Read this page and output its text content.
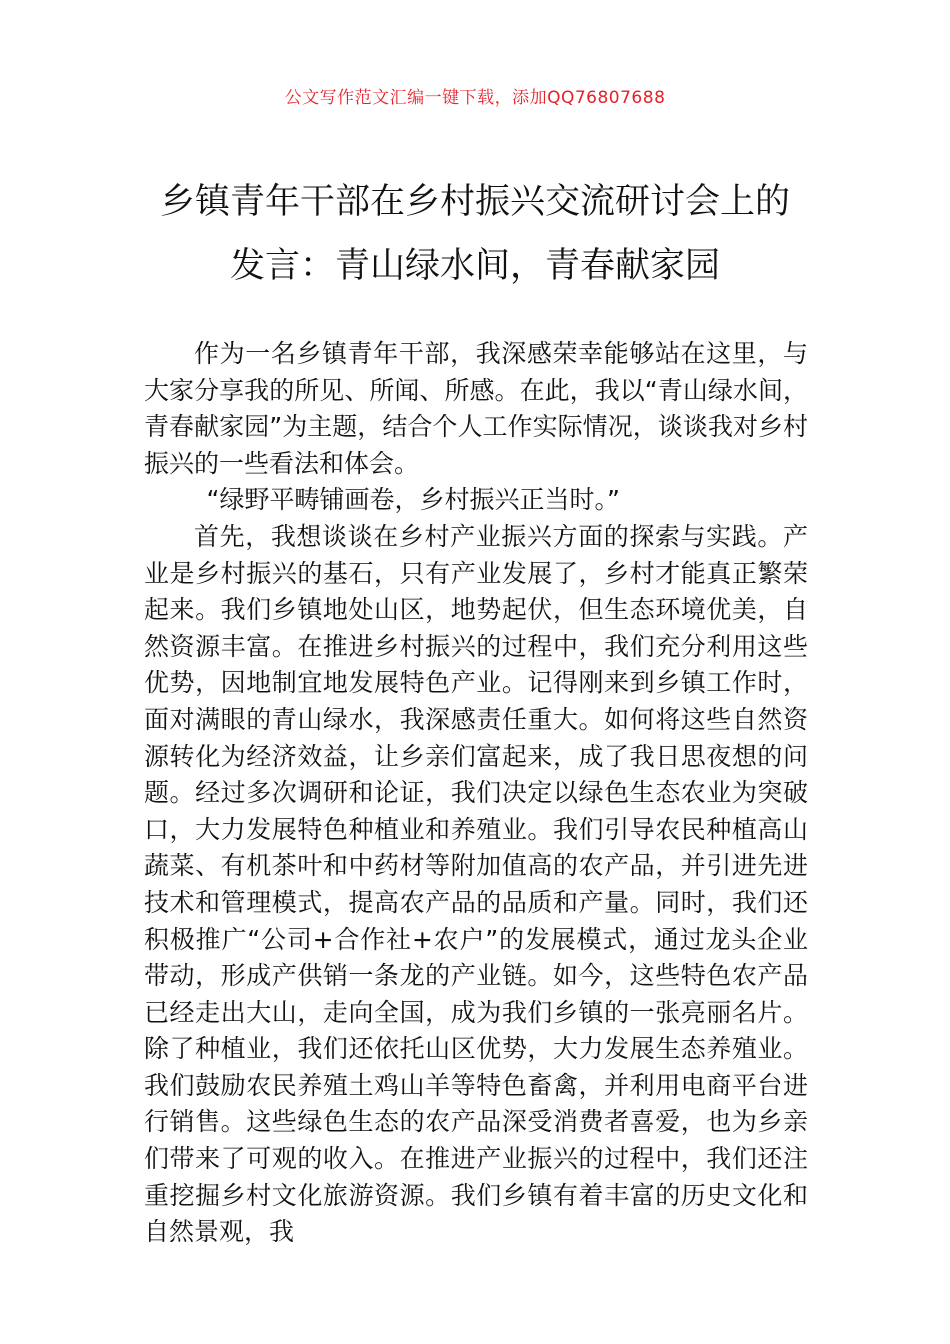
公文写作范文汇编一键下载，添加QQ76807688
乡镇青年干部在乡村振兴交流研讨会上的
发言：青山绿水间，青春献家园

作为一名乡镇青年干部，我深感荣幸能够站在这里，与大家分享我的所见、所闻、所感。在此，我以“青山绿水间，青春献家园”为主题，结合个人工作实际情况，谈谈我对乡村振兴的一些看法和体会。

“绿野平畴铺画卷，乡村振兴正当时。”

首先，我想谈谈在乡村产业振兴方面的探索与实践。产业是乡村振兴的基石，只有产业发展了，乡村才能真正繁荣起来。我们乡镇地处山区，地势起伏，但生态环境优美，自然资源丰富。在推进乡村振兴的过程中，我们充分利用这些优势，因地制宜地发展特色产业。记得刚来到乡镇工作时，面对满眼的青山绿水，我深感责任重大。如何将这些自然资源转化为经济效益，让乡亲们富起来，成了我日思夜想的问题。经过多次调研和论证，我们决定以绿色生态农业为突破口，大力发展特色种植业和养殖业。我们引导农民种植高山蔬菜、有机茶叶和中药材等附加值高的农产品，并引进先进技术和管理模式，提高农产品的品质和产量。同时，我们还积极推广“公司+合作社+农户”的发展模式，通过龙头企业带动，形成产供销一条龙的产业链。如今，这些特色农产品已经走出大山，走向全国，成为我们乡镇的一张亮丽名片。除了种植业，我们还依托山区优势，大力发展生态养殖业。我们鼓励农民养殖土鸡山羊等特色畜禽，并利用电商平台进行销售。这些绿色生态的农产品深受消费者喜爱，也为乡亲们带来了可观的收入。在推进产业振兴的过程中，我们还注重挖掘乡村文化旅游资源。我们乡镇有着丰富的历史文化和自然景观，我
